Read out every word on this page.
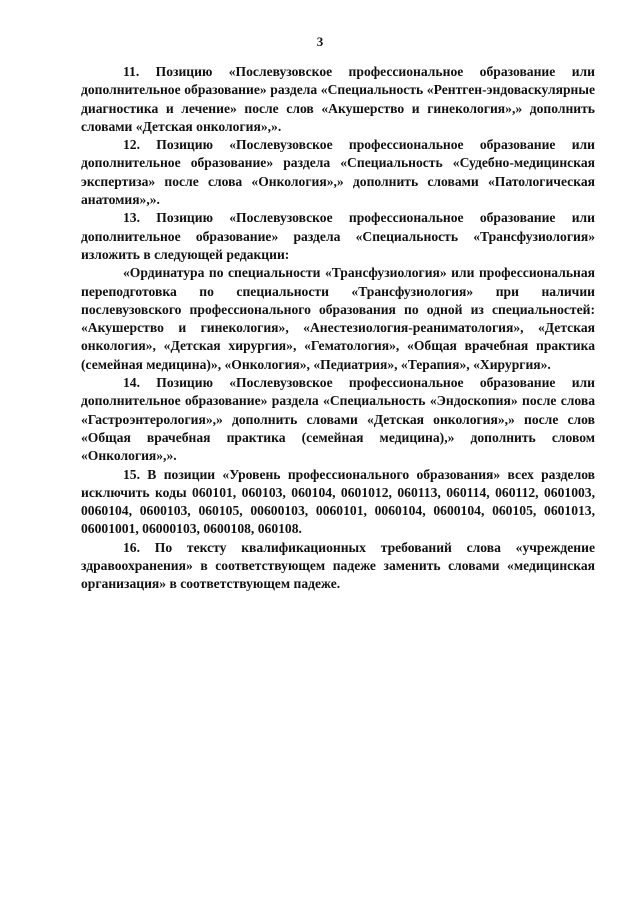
3

11. Позицию «Послевузовское профессиональное образование или дополнительное образование» раздела «Специальность «Рентген-эндоваскулярные диагностика и лечение» после слов «Акушерство и гинекология»,» дополнить словами «Детская онкология»,».

12. Позицию «Послевузовское профессиональное образование или дополнительное образование» раздела «Специальность «Судебно-медицинская экспертиза» после слова «Онкология»,» дополнить словами «Патологическая анатомия»,».

13. Позицию «Послевузовское профессиональное образование или дополнительное образование» раздела «Специальность «Трансфузиология» изложить в следующей редакции:

«Ординатура по специальности «Трансфузиология» или профессиональная переподготовка по специальности «Трансфузиология» при наличии послевузовского профессионального образования по одной из специальностей: «Акушерство и гинекология», «Анестезиология-реаниматология», «Детская онкология», «Детская хирургия», «Гематология», «Общая врачебная практика (семейная медицина)», «Онкология», «Педиатрия», «Терапия», «Хирургия».

14. Позицию «Послевузовское профессиональное образование или дополнительное образование» раздела «Специальность «Эндоскопия» после слова «Гастроэнтерология»,» дополнить словами «Детская онкология»,» после слов «Общая врачебная практика (семейная медицина),» дополнить словом «Онкология»,».

15. В позиции «Уровень профессионального образования» всех разделов исключить коды 060101, 060103, 060104, 0601012, 060113, 060114, 060112, 0601003, 0060104, 0600103, 060105, 00600103, 0060101, 0060104, 0600104, 060105, 0601013, 06001001, 06000103, 0600108, 060108.

16. По тексту квалификационных требований слова «учреждение здравоохранения» в соответствующем падеже заменить словами «медицинская организация» в соответствующем падеже.
